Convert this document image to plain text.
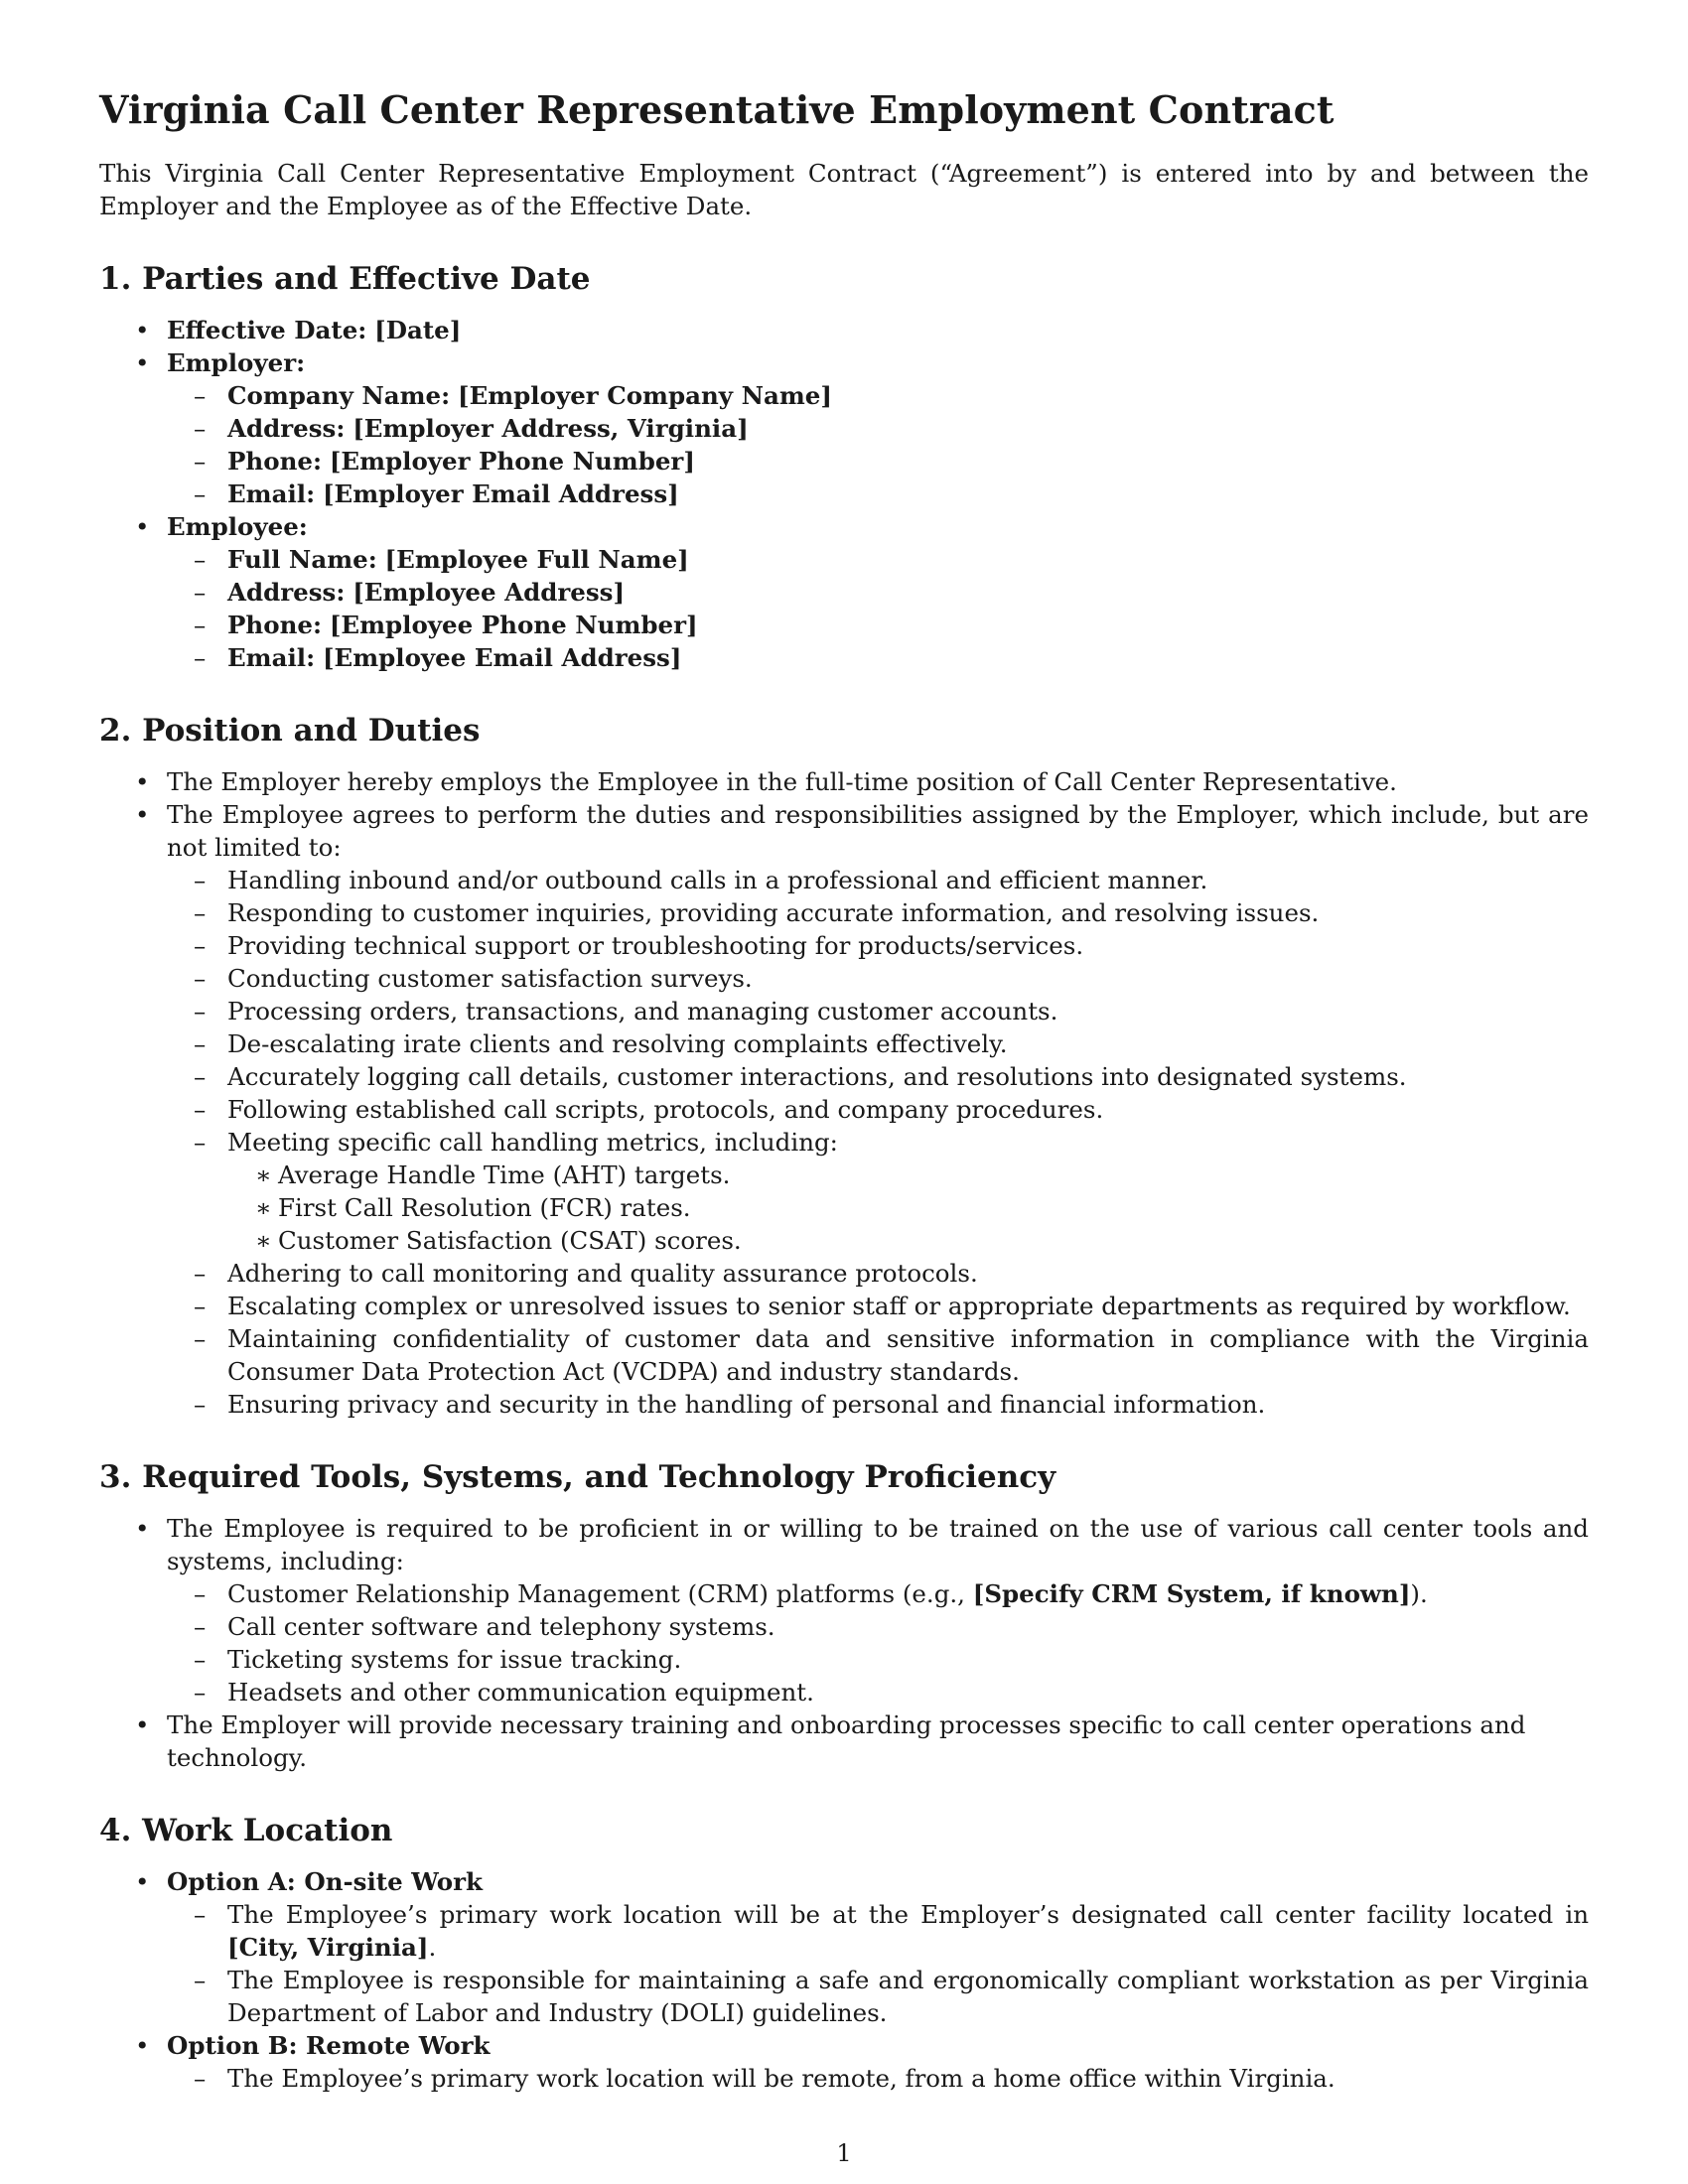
Virginia Call Center Representative Employment Contract

This Virginia Call Center Representative Employment Contract (“Agreement”) is entered into by and between the Employer and the Employee as of the Effective Date.

1. Parties and Effective Date
• Effective Date: [Date]
• Employer:
– Company Name: [Employer Company Name]
– Address: [Employer Address, Virginia]
– Phone: [Employer Phone Number]
– Email: [Employer Email Address]
• Employee:
– Full Name: [Employee Full Name]
– Address: [Employee Address]
– Phone: [Employee Phone Number]
– Email: [Employee Email Address]
2. Position and Duties
• The Employer hereby employs the Employee in the full-time position of Call Center Representative.
• The Employee agrees to perform the duties and responsibilities assigned by the Employer, which include, but are not limited to:
– Handling inbound and/or outbound calls in a professional and efficient manner.
– Responding to customer inquiries, providing accurate information, and resolving issues.
– Providing technical support or troubleshooting for products/services.
– Conducting customer satisfaction surveys.
– Processing orders, transactions, and managing customer accounts.
– De-escalating irate clients and resolving complaints effectively.
– Accurately logging call details, customer interactions, and resolutions into designated systems.
– Following established call scripts, protocols, and company procedures.
– Meeting specific call handling metrics, including:
∗ Average Handle Time (AHT) targets.
∗ First Call Resolution (FCR) rates.
∗ Customer Satisfaction (CSAT) scores.
– Adhering to call monitoring and quality assurance protocols.
– Escalating complex or unresolved issues to senior staff or appropriate departments as required by workflow.
– Maintaining confidentiality of customer data and sensitive information in compliance with the Virginia Consumer Data Protection Act (VCDPA) and industry standards.
– Ensuring privacy and security in the handling of personal and financial information.
3. Required Tools, Systems, and Technology Proficiency
• The Employee is required to be proficient in or willing to be trained on the use of various call center tools and systems, including:
– Customer Relationship Management (CRM) platforms (e.g., [Specify CRM System, if known]).
– Call center software and telephony systems.
– Ticketing systems for issue tracking.
– Headsets and other communication equipment.
• The Employer will provide necessary training and onboarding processes specific to call center operations and technology.
4. Work Location
• Option A: On-site Work
– The Employee’s primary work location will be at the Employer’s designated call center facility located in [City, Virginia].
– The Employee is responsible for maintaining a safe and ergonomically compliant workstation as per Virginia Department of Labor and Industry (DOLI) guidelines.
• Option B: Remote Work
– The Employee’s primary work location will be remote, from a home office within Virginia.
1
